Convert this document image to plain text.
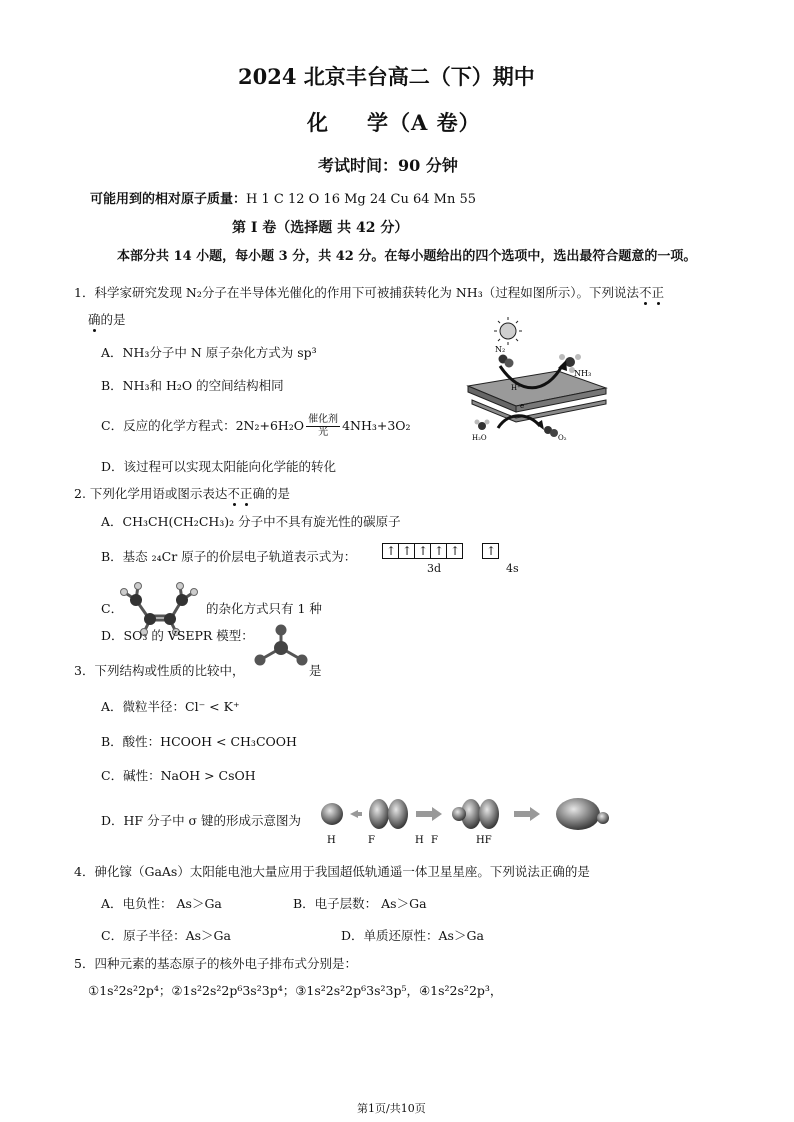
2024 北京丰台高二（下）期中
化 学（A 卷）
考试时间：90 分钟
可能用到的相对原子质量：H 1 C 12 O 16 Mg 24 Cu 64 Mn 55
第 I 卷（选择题 共 42 分）
本部分共 14 小题，每小题 3 分，共 42 分。在每小题给出的四个选项中，选出最符合题意的一项。
1．科学家研究发现 N₂分子在半导体光催化的作用下可被捕获转化为 NH₃（过程如图所示）。下列说法不正
确的是
A．NH₃分子中 N 原子杂化方式为 sp³
B．NH₃和 H₂O 的空间结构相同
C．反应的化学方程式：$2N_2+6H_2O \frac{\text{催化剂}}{\text{光}} 4NH_3+3O_2$
D．该过程可以实现太阳能向化学能的转化
N₂
NH₃
H⁺
e⁻
H₂O	O₂
2. 下列化学用语或图示表达不正确的是
A．CH₃CH(CH₂CH₃)₂ 分子中不具有旋光性的碳原子
B．基态 ₂₄Cr 原子的价层电子轨道表示式为：
↑
↑
↑
↑
↑
↑
3d	4s
C．	的杂化方式只有 1 种
D．SO₃ 的 VSEPR 模型：
3．下列结构或性质的比较中，	是
A．微粒半径：Cl⁻ < K⁺
B．酸性：HCOOH < CH₃COOH
C．碱性：NaOH > CsOH
D．HF 分子中 σ 键的形成示意图为
H	F	H F	HF
4．砷化镓（GaAs）太阳能电池大量应用于我国超低轨通遥一体卫星星座。下列说法正确的是
A．电负性： As＞Ga	B．电子层数： As＞Ga
C．原子半径：As＞Ga	D．单质还原性：As＞Ga
5．四种元素的基态原子的核外电子排布式分别是：
①1s²2s²2p⁴；②1s²2s²2p⁶3s²3p⁴；③1s²2s²2p⁶3s²3p⁵，④1s²2s²2p³，
第1页/共10页
